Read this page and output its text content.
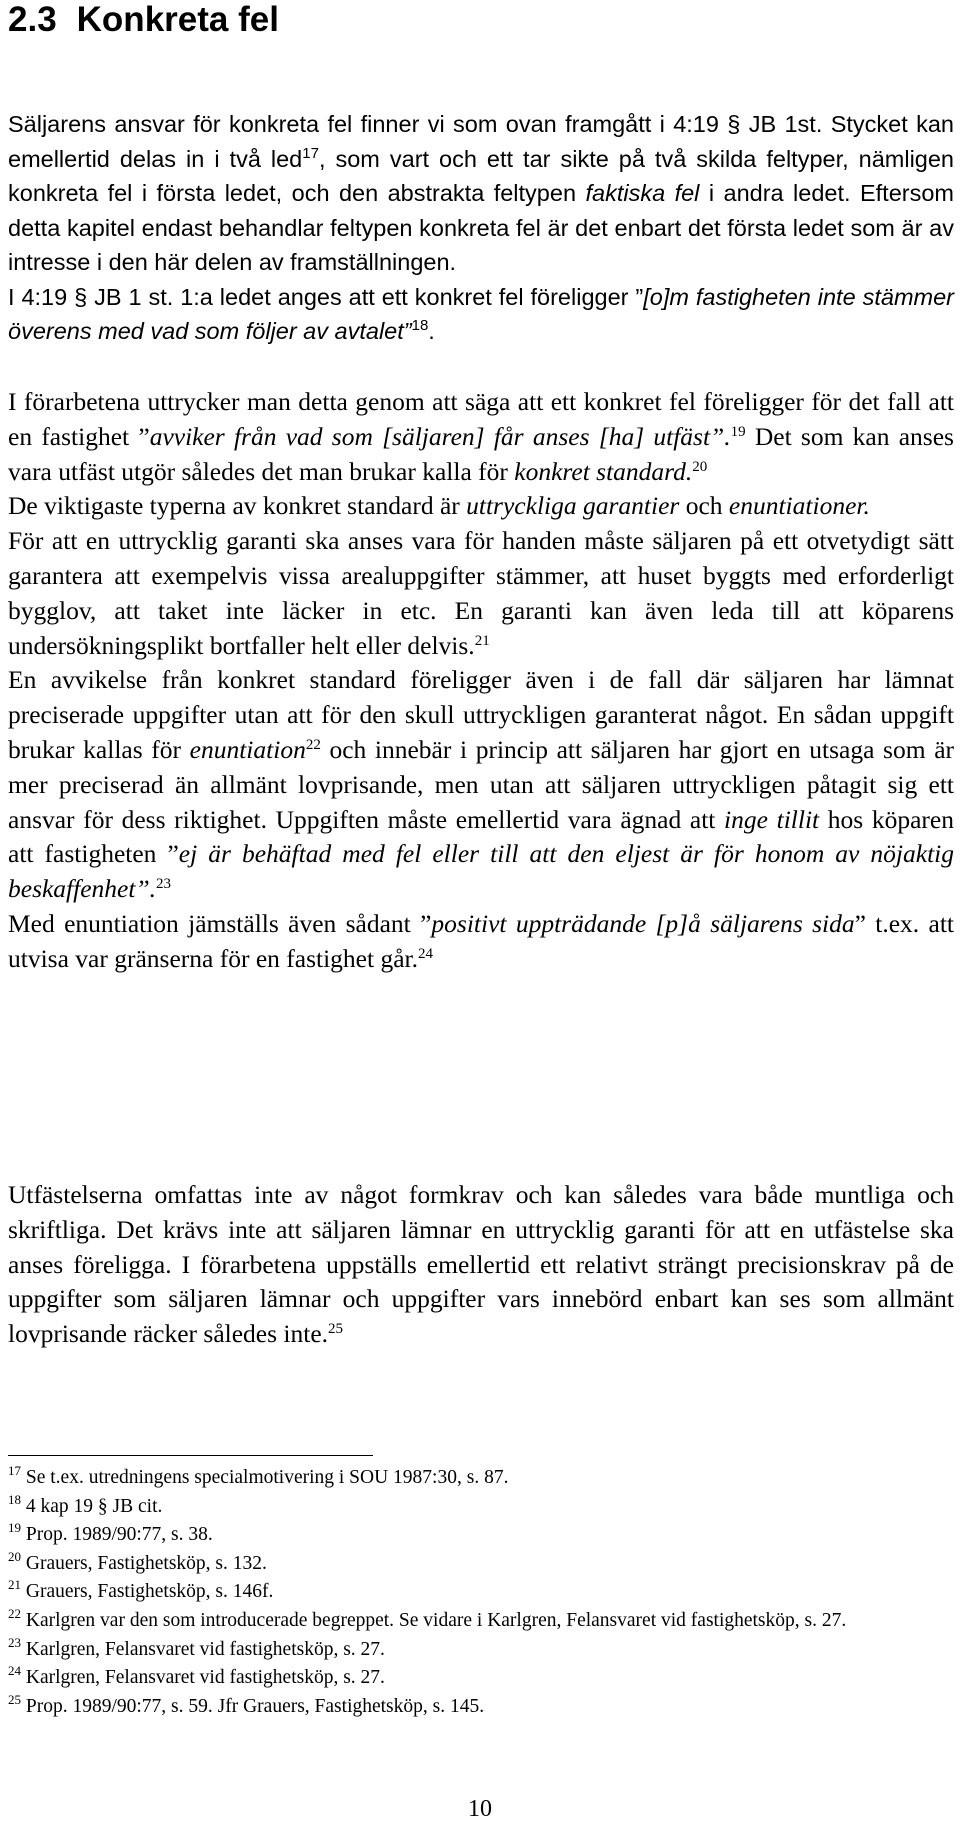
2.3 Konkreta fel

Säljarens ansvar för konkreta fel finner vi som ovan framgått i 4:19 § JB 1st. Stycket kan emellertid delas in i två led$^{17}$, som vart och ett tar sikte på två skilda feltyper, nämligen konkreta fel i första ledet, och den abstrakta feltypen faktiska fel i andra ledet. Eftersom detta kapitel endast behandlar feltypen konkreta fel är det enbart det första ledet som är av intresse i den här delen av framställningen.

I 4:19 § JB 1 st. 1:a ledet anges att ett konkret fel föreligger ”[o]m fastigheten inte stämmer överens med vad som följer av avtalet”$^{18}$.

I förarbetena uttrycker man detta genom att säga att ett konkret fel föreligger för det fall att en fastighet ”avviker från vad som [säljaren] får anses [ha] utfäst”.$^{19}$ Det som kan anses vara utfäst utgör således det man brukar kalla för konkret standard.$^{20}$

De viktigaste typerna av konkret standard är uttryckliga garantier och enuntiationer.

För att en uttrycklig garanti ska anses vara för handen måste säljaren på ett otvetydigt sätt garantera att exempelvis vissa arealuppgifter stämmer, att huset byggts med erforderligt bygglov, att taket inte läcker in etc. En garanti kan även leda till att köparens undersökningsplikt bortfaller helt eller delvis.$^{21}$

En avvikelse från konkret standard föreligger även i de fall där säljaren har lämnat preciserade uppgifter utan att för den skull uttryckligen garanterat något. En sådan uppgift brukar kallas för enuntiation$^{22}$ och innebär i princip att säljaren har gjort en utsaga som är mer preciserad än allmänt lovprisande, men utan att säljaren uttryckligen påtagit sig ett ansvar för dess riktighet. Uppgiften måste emellertid vara ägnad att inge tillit hos köparen att fastigheten ”ej är behäftad med fel eller till att den eljest är för honom av nöjaktig beskaffenhet”.$^{23}$

Med enuntiation jämställs även sådant ”positivt uppträdande [p]å säljarens sida” t.ex. att utvisa var gränserna för en fastighet går.$^{24}$

Utfästelserna omfattas inte av något formkrav och kan således vara både muntliga och skriftliga. Det krävs inte att säljaren lämnar en uttrycklig garanti för att en utfästelse ska anses föreligga. I förarbetena uppställs emellertid ett relativt strängt precisionskrav på de uppgifter som säljaren lämnar och uppgifter vars innebörd enbart kan ses som allmänt lovprisande räcker således inte.$^{25}$

$^{17}$ Se t.ex. utredningens specialmotivering i SOU 1987:30, s. 87.

$^{18}$ 4 kap 19 § JB cit.

$^{19}$ Prop. 1989/90:77, s. 38.

$^{20}$ Grauers, Fastighetsköp, s. 132.

$^{21}$ Grauers, Fastighetsköp, s. 146f.

$^{22}$ Karlgren var den som introducerade begreppet. Se vidare i Karlgren, Felansvaret vid fastighetsköp, s. 27.

$^{23}$ Karlgren, Felansvaret vid fastighetsköp, s. 27.

$^{24}$ Karlgren, Felansvaret vid fastighetsköp, s. 27.

$^{25}$ Prop. 1989/90:77, s. 59. Jfr Grauers, Fastighetsköp, s. 145.

10
